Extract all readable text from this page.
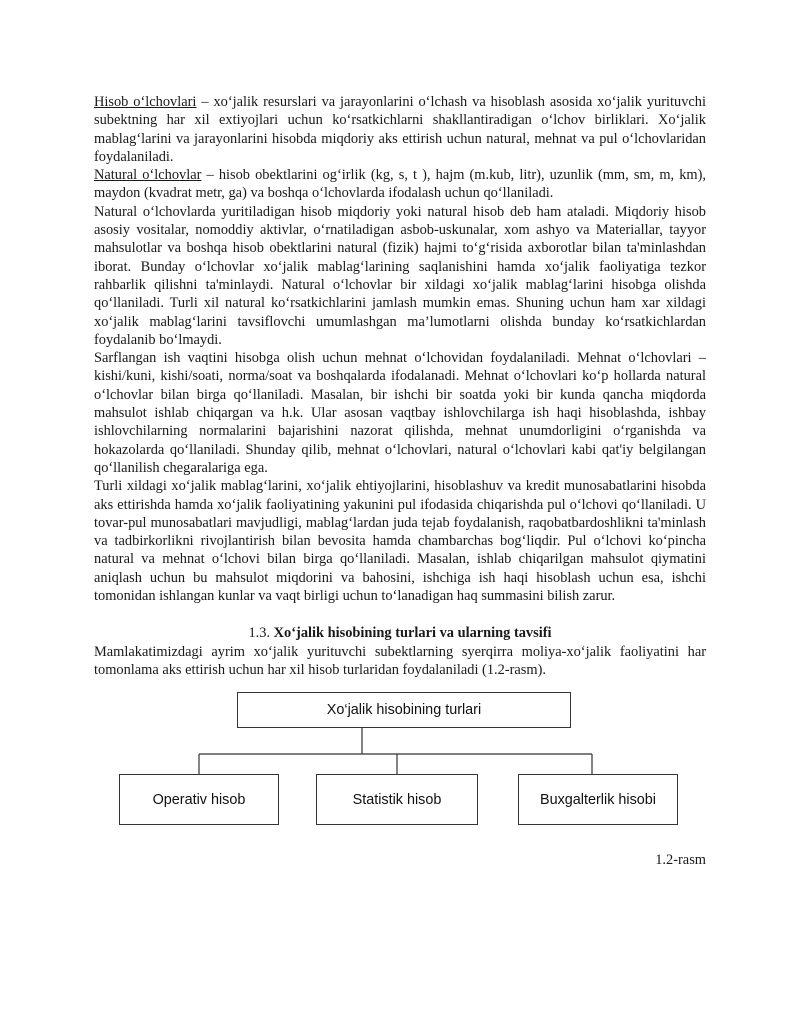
Hisob o‘lchovlari – xo‘jalik resurslari va jarayonlarini o‘lchash va hisoblash asosida xo‘jalik yurituvchi subektning har xil extiyojlari uchun ko‘rsatkichlarni shakllantiradigan o‘lchov birliklari. Xo‘jalik mablag‘larini va jarayonlarini hisobda miqdoriy aks ettirish uchun natural, mehnat va pul o‘lchovlaridan foydalaniladi.

Natural o‘lchovlar – hisob obektlarini og‘irlik (kg, s, t ), hajm (m.kub, litr), uzunlik (mm, sm, m, km), maydon (kvadrat metr, ga) va boshqa o‘lchovlarda ifodalash uchun qo‘llaniladi.

Natural o‘lchovlarda yuritiladigan hisob miqdoriy yoki natural hisob deb ham ataladi. Miqdoriy hisob asosiy vositalar, nomoddiy aktivlar, o‘rnatiladigan asbob-uskunalar, xom ashyo va Materiallar, tayyor mahsulotlar va boshqa hisob obektlarini natural (fizik) hajmi to‘g‘risida axborotlar bilan ta'minlashdan iborat. Bunday o‘lchovlar xo‘jalik mablag‘larining saqlanishini hamda xo‘jalik faoliyatiga tezkor rahbarlik qilishni ta'minlaydi. Natural o‘lchovlar bir xildagi xo‘jalik mablag‘larini hisobga olishda qo‘llaniladi. Turli xil natural ko‘rsatkichlarini jamlash mumkin emas. Shuning uchun ham xar xildagi xo‘jalik mablag‘larini tavsiflovchi umumlashgan ma’lumotlarni olishda bunday ko‘rsatkichlardan foydalanib bo‘lmaydi.

Sarflangan ish vaqtini hisobga olish uchun mehnat o‘lchovidan foydalaniladi. Mehnat o‘lchovlari – kishi/kuni, kishi/soati, norma/soat va boshqalarda ifodalanadi. Mehnat o‘lchovlari ko‘p hollarda natural o‘lchovlar bilan birga qo‘llaniladi. Masalan, bir ishchi bir soatda yoki bir kunda qancha miqdorda mahsulot ishlab chiqargan va h.k. Ular asosan vaqtbay ishlovchilarga ish haqi hisoblashda, ishbay ishlovchilarning normalarini bajarishini nazorat qilishda, mehnat unumdorligini o‘rganishda va hokazolarda qo‘llaniladi. Shunday qilib, mehnat o‘lchovlari, natural o‘lchovlari kabi qat'iy belgilangan qo‘llanilish chegaralariga ega.

Turli xildagi xo‘jalik mablag‘larini, xo‘jalik ehtiyojlarini, hisoblashuv va kredit munosabatlarini hisobda aks ettirishda hamda xo‘jalik faoliyatining yakunini pul ifodasida chiqarishda pul o‘lchovi qo‘llaniladi. U tovar-pul munosabatlari mavjudligi, mablag‘lardan juda tejab foydalanish, raqobatbardoshlikni ta'minlash va tadbirkorlikni rivojlantirish bilan bevosita hamda chambarchas bog‘liqdir. Pul o‘lchovi ko‘pincha natural va mehnat o‘lchovi bilan birga qo‘llaniladi. Masalan, ishlab chiqarilgan mahsulot qiymatini aniqlash uchun bu mahsulot miqdorini va bahosini, ishchiga ish haqi hisoblash uchun esa, ishchi tomonidan ishlangan kunlar va vaqt birligi uchun to‘lanadigan haq summasini bilish zarur.

1.3. Xo‘jalik hisobining turlari va ularning tavsifi

Mamlakatimizdagi ayrim xo‘jalik yurituvchi subektlarning syerqirra moliya-xo‘jalik faoliyatini har tomonlama aks ettirish uchun har xil hisob turlaridan foydalaniladi (1.2-rasm).

Xo‘jalik hisobining turlari
Operativ hisob	Statistik hisob	Buxgalterlik hisobi
1.2-rasm
